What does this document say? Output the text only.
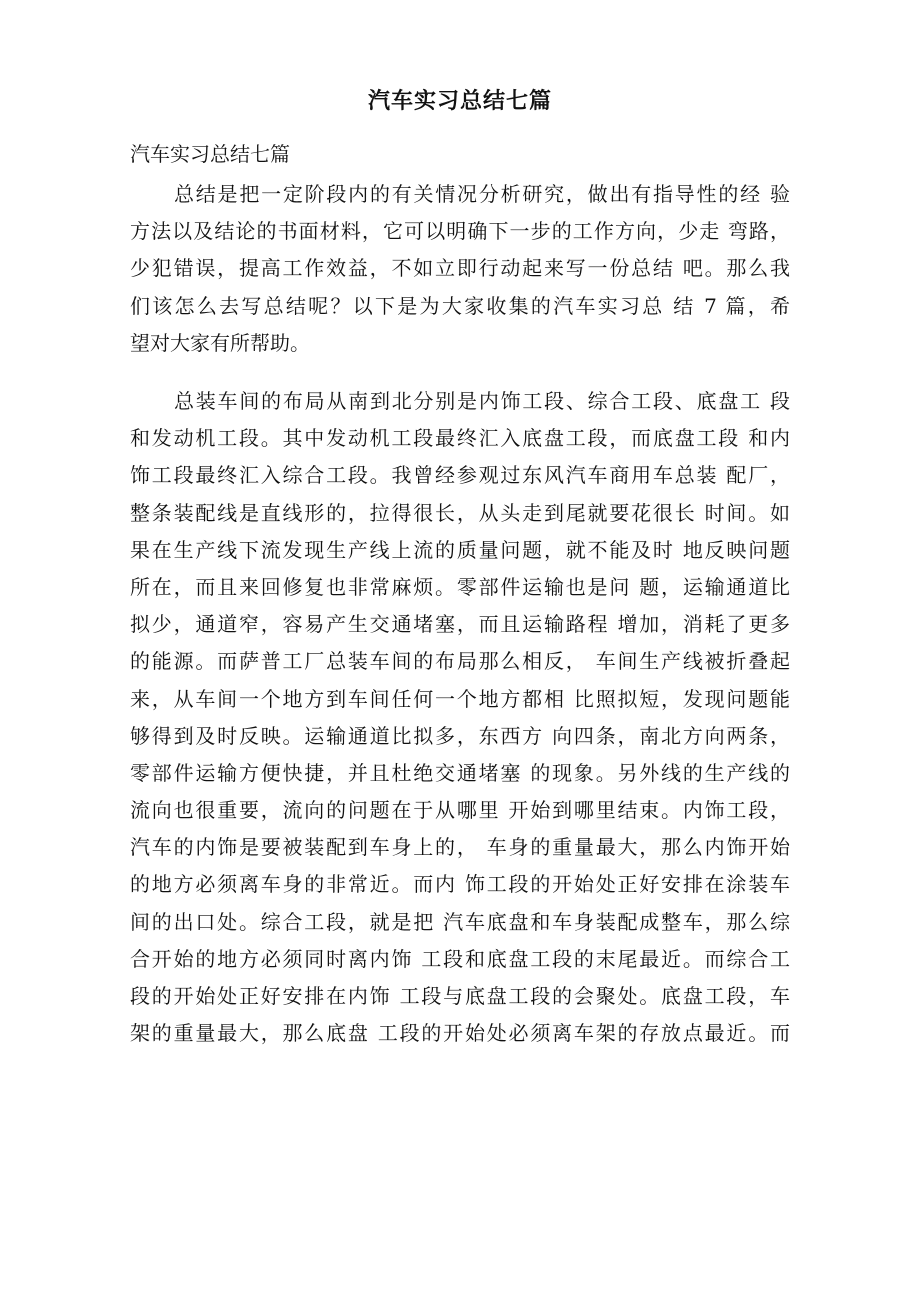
汽车实习总结七篇
汽车实习总结七篇
总结是把一定阶段内的有关情况分析研究，做出有指导性的经 验
方法以及结论的书面材料，它可以明确下一步的工作方向，少走 弯路，
少犯错误，提高工作效益，不如立即行动起来写一份总结 吧。那么我
们该怎么去写总结呢？以下是为大家收集的汽车实习总 结 7 篇，希
望对大家有所帮助。
总装车间的布局从南到北分别是内饰工段、综合工段、底盘工 段
和发动机工段。其中发动机工段最终汇入底盘工段，而底盘工段 和内
饰工段最终汇入综合工段。我曾经参观过东风汽车商用车总装 配厂，
整条装配线是直线形的，拉得很长，从头走到尾就要花很长 时间。如
果在生产线下流发现生产线上流的质量问题，就不能及时 地反映问题
所在，而且来回修复也非常麻烦。零部件运输也是问 题，运输通道比
拟少，通道窄，容易产生交通堵塞，而且运输路程 增加，消耗了更多
的能源。而萨普工厂总装车间的布局那么相反， 车间生产线被折叠起
来，从车间一个地方到车间任何一个地方都相 比照拟短，发现问题能
够得到及时反映。运输通道比拟多，东西方 向四条，南北方向两条，
零部件运输方便快捷，并且杜绝交通堵塞 的现象。另外线的生产线的
流向也很重要，流向的问题在于从哪里 开始到哪里结束。内饰工段，
汽车的内饰是要被装配到车身上的， 车身的重量最大，那么内饰开始
的地方必须离车身的非常近。而内 饰工段的开始处正好安排在涂装车
间的出口处。综合工段，就是把 汽车底盘和车身装配成整车，那么综
合开始的地方必须同时离内饰 工段和底盘工段的末尾最近。而综合工
段的开始处正好安排在内饰 工段与底盘工段的会聚处。底盘工段，车
架的重量最大，那么底盘 工段的开始处必须离车架的存放点最近。而
